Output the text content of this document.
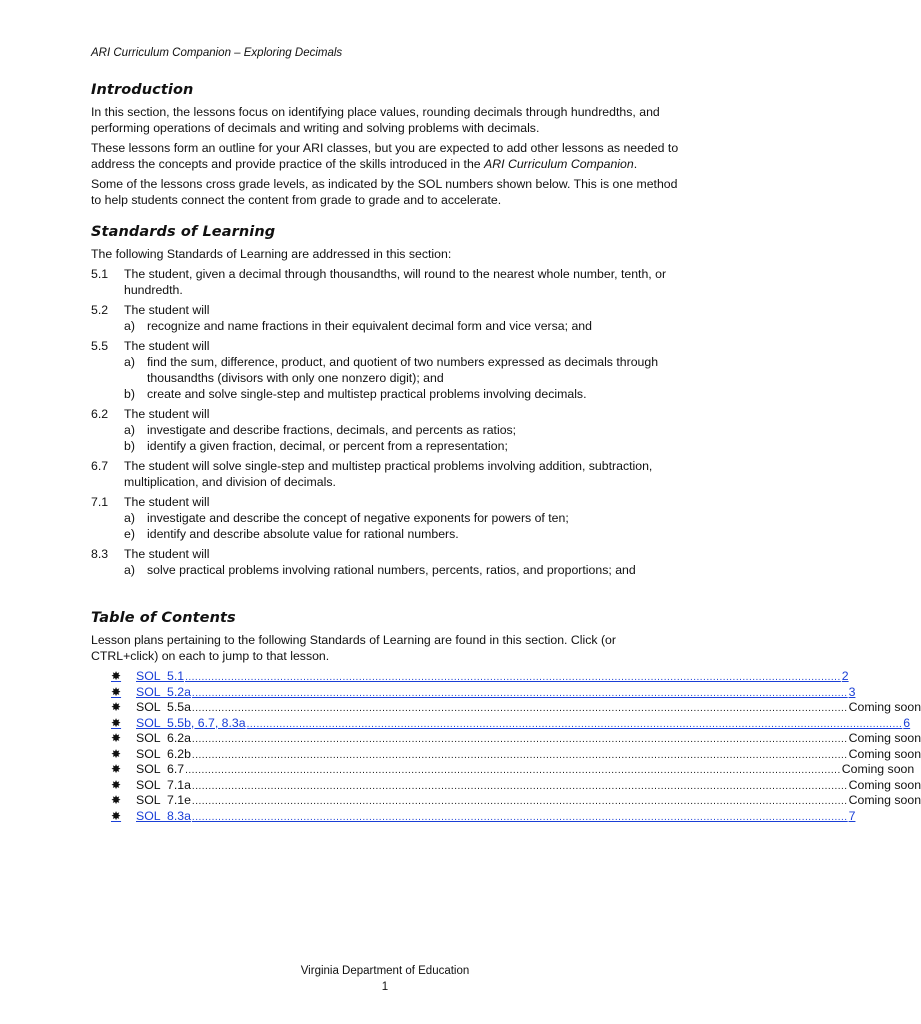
ARI Curriculum Companion – Exploring Decimals
Introduction

In this section, the lessons focus on identifying place values, rounding decimals through hundredths, and performing operations of decimals and writing and solving problems with decimals.

These lessons form an outline for your ARI classes, but you are expected to add other lessons as needed to address the concepts and provide practice of the skills introduced in the ARI Curriculum Companion.

Some of the lessons cross grade levels, as indicated by the SOL numbers shown below. This is one method to help students connect the content from grade to grade and to accelerate.

Standards of Learning

The following Standards of Learning are addressed in this section:

5.1	The student, given a decimal through thousandths, will round to the nearest whole number, tenth, or hundredth.
5.2	The student will
a) recognize and name fractions in their equivalent decimal form and vice versa; and
5.5	The student will
a) find the sum, difference, product, and quotient of two numbers expressed as decimals through thousandths (divisors with only one nonzero digit); and
b) create and solve single-step and multistep practical problems involving decimals.
6.2	The student will
a) investigate and describe fractions, decimals, and percents as ratios;
b) identify a given fraction, decimal, or percent from a representation;
6.7	The student will solve single-step and multistep practical problems involving addition, subtraction, multiplication, and division of decimals.
7.1	The student will
a) investigate and describe the concept of negative exponents for powers of ten;
e) identify and describe absolute value for rational numbers.
8.3	The student will
a) solve practical problems involving rational numbers, percents, ratios, and proportions; and
Table of Contents

Lesson plans pertaining to the following Standards of Learning are found in this section. Click (or CTRL+click) on each to jump to that lesson.

✸	SOL  5.1 ........................................................................................................................................................................................................ 2
✸	SOL  5.2a ........................................................................................................................................................................................................ 3
✸	SOL  5.5a ........................................................................................................................................................................................................ Coming soon
✸	SOL  5.5b, 6.7, 8.3a ........................................................................................................................................................................................................ 6
✸	SOL  6.2a ........................................................................................................................................................................................................ Coming soon
✸	SOL  6.2b ........................................................................................................................................................................................................ Coming soon
✸	SOL  6.7 ........................................................................................................................................................................................................ Coming soon
✸	SOL  7.1a ........................................................................................................................................................................................................ Coming soon
✸	SOL  7.1e ........................................................................................................................................................................................................ Coming soon
✸	SOL  8.3a ........................................................................................................................................................................................................ 7
Virginia Department of Education
1
